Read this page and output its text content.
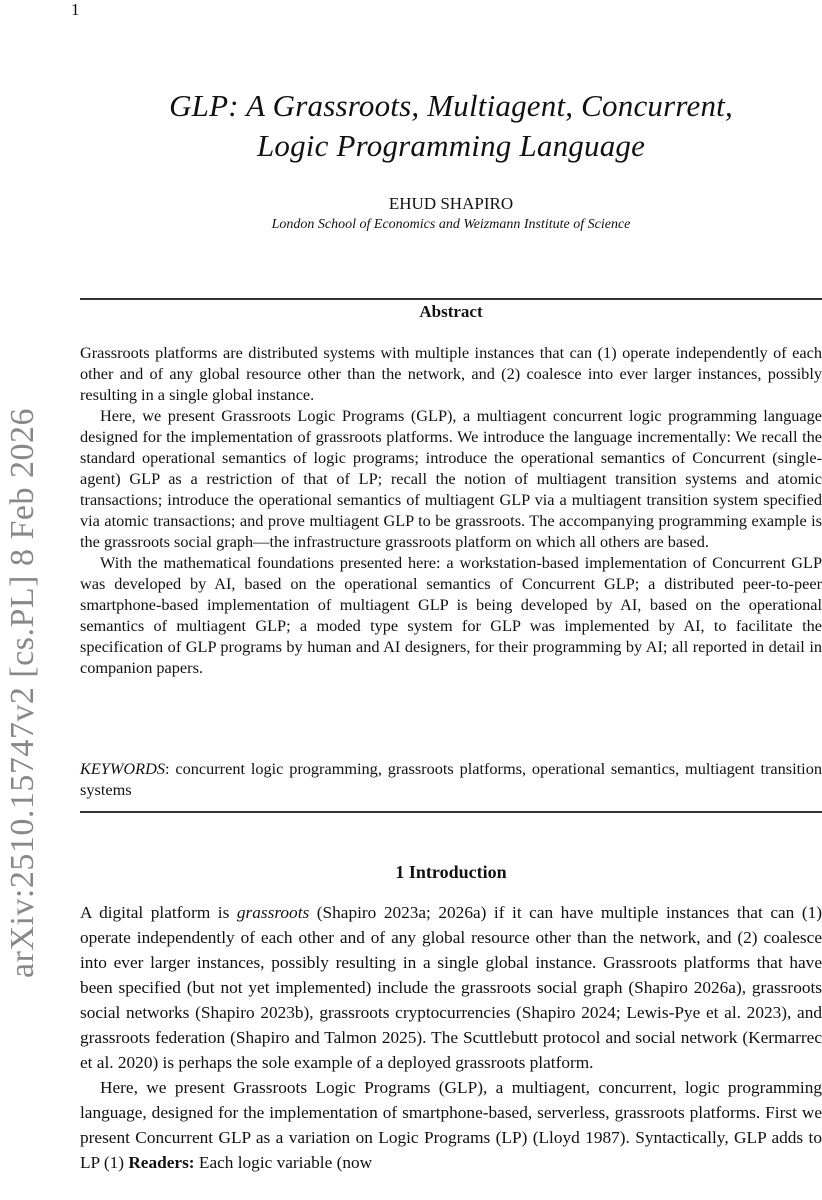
1
arXiv:2510.15747v2 [cs.PL] 8 Feb 2026
GLP: A Grassroots, Multiagent, Concurrent,
Logic Programming Language
EHUD SHAPIRO
London School of Economics and Weizmann Institute of Science
Abstract

Grassroots platforms are distributed systems with multiple instances that can (1) operate independently of each other and of any global resource other than the network, and (2) coalesce into ever larger instances, possibly resulting in a single global instance.

Here, we present Grassroots Logic Programs (GLP), a multiagent concurrent logic programming language designed for the implementation of grassroots platforms. We introduce the language incrementally: We recall the standard operational semantics of logic programs; introduce the operational semantics of Concurrent (single-agent) GLP as a restriction of that of LP; recall the notion of multiagent transition systems and atomic transactions; introduce the operational semantics of multiagent GLP via a multiagent transition system specified via atomic transactions; and prove multiagent GLP to be grassroots. The accompanying programming example is the grassroots social graph—the infrastructure grassroots platform on which all others are based.

With the mathematical foundations presented here: a workstation-based implementation of Concurrent GLP was developed by AI, based on the operational semantics of Concurrent GLP; a distributed peer-to-peer smartphone-based implementation of multiagent GLP is being developed by AI, based on the operational semantics of multiagent GLP; a moded type system for GLP was implemented by AI, to facilitate the specification of GLP programs by human and AI designers, for their programming by AI; all reported in detail in companion papers.

KEYWORDS: concurrent logic programming, grassroots platforms, operational semantics, multiagent transition systems

1 Introduction

A digital platform is grassroots (Shapiro 2023a; 2026a) if it can have multiple instances that can (1) operate independently of each other and of any global resource other than the network, and (2) coalesce into ever larger instances, possibly resulting in a single global instance. Grassroots platforms that have been specified (but not yet implemented) include the grassroots social graph (Shapiro 2026a), grassroots social networks (Shapiro 2023b), grassroots cryptocurrencies (Shapiro 2024; Lewis-Pye et al. 2023), and grassroots federation (Shapiro and Talmon 2025). The Scuttlebutt protocol and social network (Kermarrec et al. 2020) is perhaps the sole example of a deployed grassroots platform.

Here, we present Grassroots Logic Programs (GLP), a multiagent, concurrent, logic programming language, designed for the implementation of smartphone-based, serverless, grassroots platforms. First we present Concurrent GLP as a variation on Logic Programs (LP) (Lloyd 1987). Syntactically, GLP adds to LP (1) Readers: Each logic variable (now
